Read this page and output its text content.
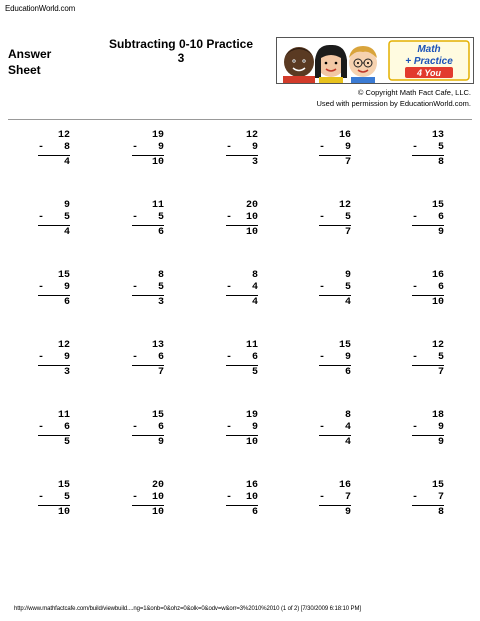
EducationWorld.com
Answer
Sheet
Subtracting 0-10 Practice
3
Math
+ Practice
4 You
© Copyright Math Fact Cafe, LLC.
Used with permission by EducationWorld.com.
12
- 8
4
19
- 9
10
12
- 9
3
16
- 9
7
13
- 5
8
9
- 5
4
11
- 5
6
20
- 10
10
12
- 5
7
15
- 6
9
15
- 9
6
8
- 5
3
8
- 4
4
9
- 5
4
16
- 6
10
12
- 9
3
13
- 6
7
11
- 6
5
15
- 9
6
12
- 5
7
11
- 6
5
15
- 6
9
19
- 9
10
8
- 4
4
18
- 9
9
15
- 5
10
20
- 10
10
16
- 10
6
16
- 7
9
15
- 7
8
http://www.mathfactcafe.com/build/viewbuild....ng=1&onb=0&ohz=0&olk=0&odv=w&orr=3%2010%2010 (1 of 2) [7/30/2009 6:18:10 PM]
